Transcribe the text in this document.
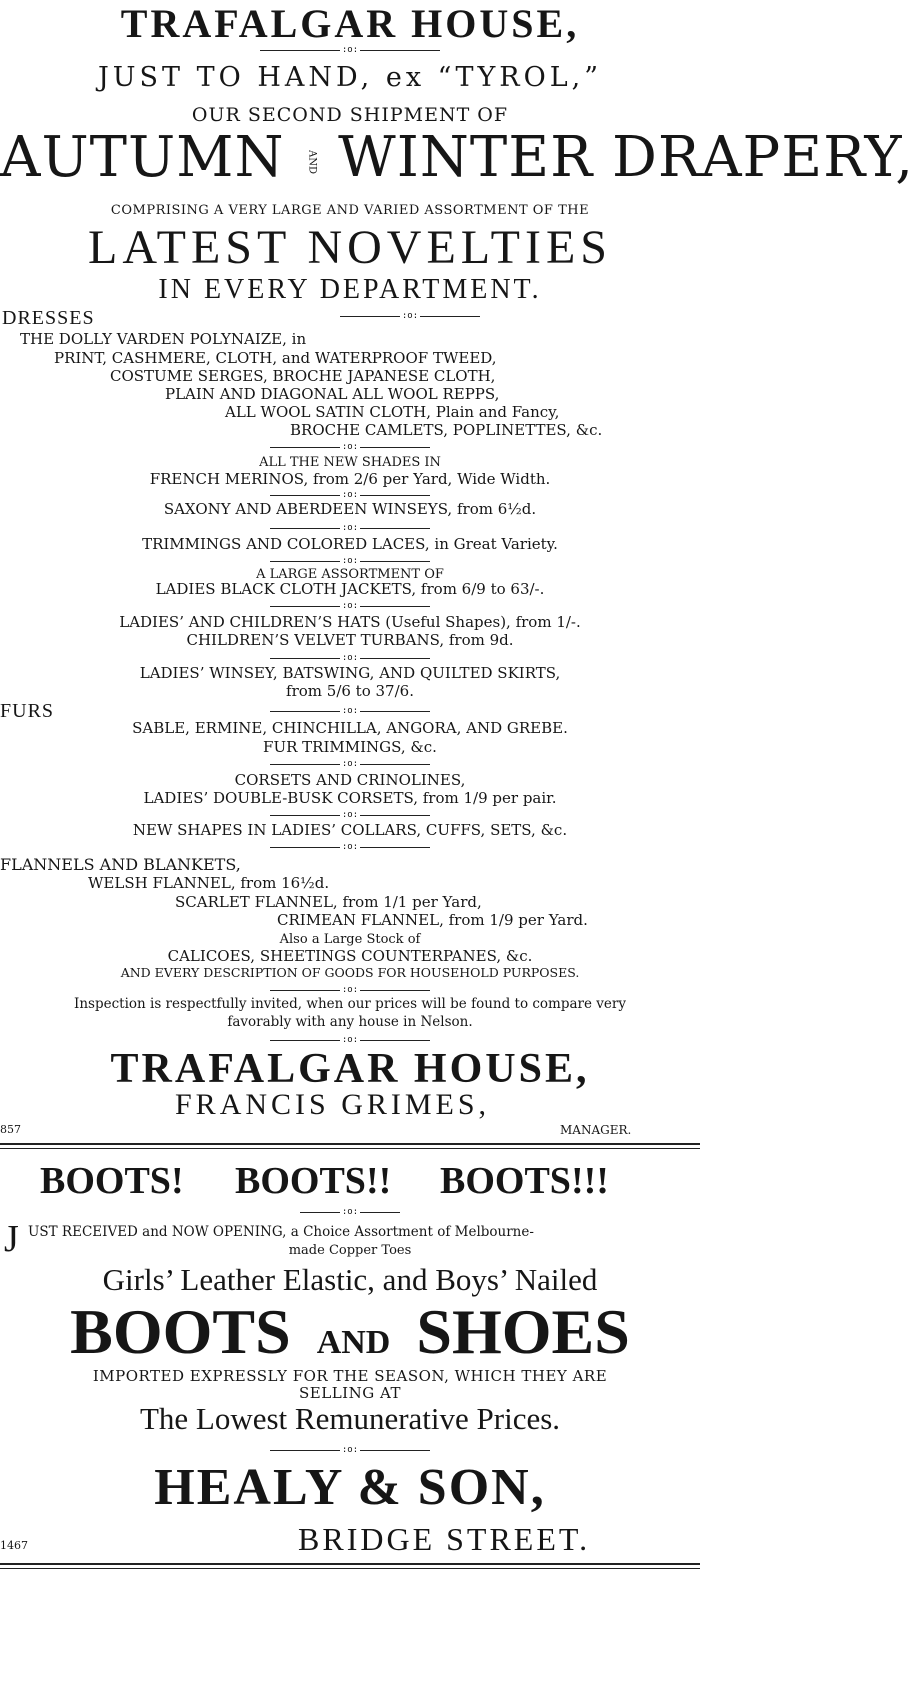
TRAFALGAR HOUSE,
:o:
JUST TO HAND, ex “TYROL,”
OUR SECOND SHIPMENT OF
AUTUMN AND WINTER DRAPERY,
COMPRISING A VERY LARGE AND VARIED ASSORTMENT OF THE
LATEST NOVELTIES
IN EVERY DEPARTMENT.
DRESSES	:o:
THE DOLLY VARDEN POLYNAIZE, in
PRINT, CASHMERE, CLOTH, and WATERPROOF TWEED,
COSTUME SERGES, BROCHE JAPANESE CLOTH,
PLAIN AND DIAGONAL ALL WOOL REPPS,
ALL WOOL SATIN CLOTH, Plain and Fancy,
BROCHE CAMLETS, POPLINETTES, &c.
:o:
ALL THE NEW SHADES IN
FRENCH MERINOS, from 2/6 per Yard, Wide Width.
:o:
SAXONY AND ABERDEEN WINSEYS, from 6½d.
:o:
TRIMMINGS AND COLORED LACES, in Great Variety.
:o:
A LARGE ASSORTMENT OF
LADIES BLACK CLOTH JACKETS, from 6/9 to 63/-.
:o:
LADIES’ AND CHILDREN’S HATS (Useful Shapes), from 1/-.
CHILDREN’S VELVET TURBANS, from 9d.
:o:
LADIES’ WINSEY, BATSWING, AND QUILTED SKIRTS,
from 5/6 to 37/6.
FURS	:o:
SABLE, ERMINE, CHINCHILLA, ANGORA, AND GREBE.
FUR TRIMMINGS, &c.
:o:
CORSETS AND CRINOLINES,
LADIES’ DOUBLE-BUSK CORSETS, from 1/9 per pair.
:o:
NEW SHAPES IN LADIES’ COLLARS, CUFFS, SETS, &c.
:o:
FLANNELS AND BLANKETS,
WELSH FLANNEL, from 16½d.
SCARLET FLANNEL, from 1/1 per Yard,
CRIMEAN FLANNEL, from 1/9 per Yard.
Also a Large Stock of
CALICOES, SHEETINGS COUNTERPANES, &c.
AND EVERY DESCRIPTION OF GOODS FOR HOUSEHOLD PURPOSES.
:o:
Inspection is respectfully invited, when our prices will be found to compare very
favorably with any house in Nelson.
:o:
TRAFALGAR HOUSE,
FRANCIS GRIMES,
857	MANAGER.
BOOTS! BOOTS!! BOOTS!!!
:o:
J UST RECEIVED and NOW OPENING, a Choice Assortment of Melbourne-
made Copper Toes
Girls’ Leather Elastic, and Boys’ Nailed
BOOTS AND SHOES
IMPORTED EXPRESSLY FOR THE SEASON, WHICH THEY ARE
SELLING AT
The Lowest Remunerative Prices.
:o:
HEALY & SON,
1467	BRIDGE STREET.
